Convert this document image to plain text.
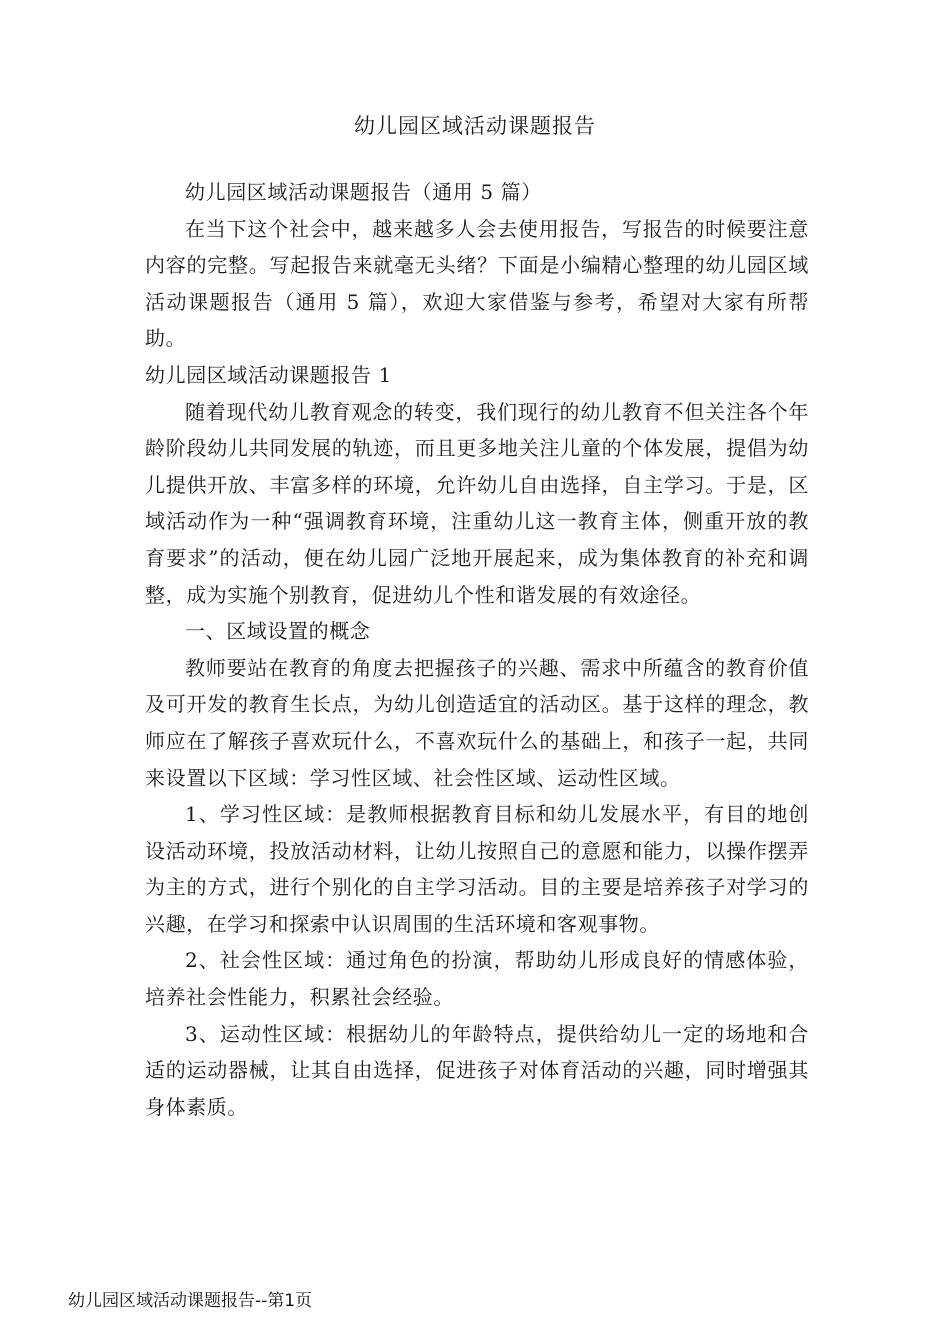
幼儿园区域活动课题报告

幼儿园区域活动课题报告（通用 5 篇）

在当下这个社会中，越来越多人会去使用报告，写报告的时候要注意内容的完整。写起报告来就毫无头绪？下面是小编精心整理的幼儿园区域活动课题报告（通用 5 篇），欢迎大家借鉴与参考，希望对大家有所帮助。

幼儿园区域活动课题报告 1

随着现代幼儿教育观念的转变，我们现行的幼儿教育不但关注各个年龄阶段幼儿共同发展的轨迹，而且更多地关注儿童的个体发展，提倡为幼儿提供开放、丰富多样的环境，允许幼儿自由选择，自主学习。于是，区域活动作为一种“强调教育环境，注重幼儿这一教育主体，侧重开放的教育要求”的活动，便在幼儿园广泛地开展起来，成为集体教育的补充和调整，成为实施个别教育，促进幼儿个性和谐发展的有效途径。

一、区域设置的概念

教师要站在教育的角度去把握孩子的兴趣、需求中所蕴含的教育价值及可开发的教育生长点，为幼儿创造适宜的活动区。基于这样的理念，教师应在了解孩子喜欢玩什么，不喜欢玩什么的基础上，和孩子一起，共同来设置以下区域：学习性区域、社会性区域、运动性区域。

1、学习性区域：是教师根据教育目标和幼儿发展水平，有目的地创设活动环境，投放活动材料，让幼儿按照自己的意愿和能力，以操作摆弄为主的方式，进行个别化的自主学习活动。目的主要是培养孩子对学习的兴趣，在学习和探索中认识周围的生活环境和客观事物。

2、社会性区域：通过角色的扮演，帮助幼儿形成良好的情感体验，培养社会性能力，积累社会经验。

3、运动性区域：根据幼儿的年龄特点，提供给幼儿一定的场地和合适的运动器械，让其自由选择，促进孩子对体育活动的兴趣，同时增强其身体素质。

幼儿园区域活动课题报告--第1页
